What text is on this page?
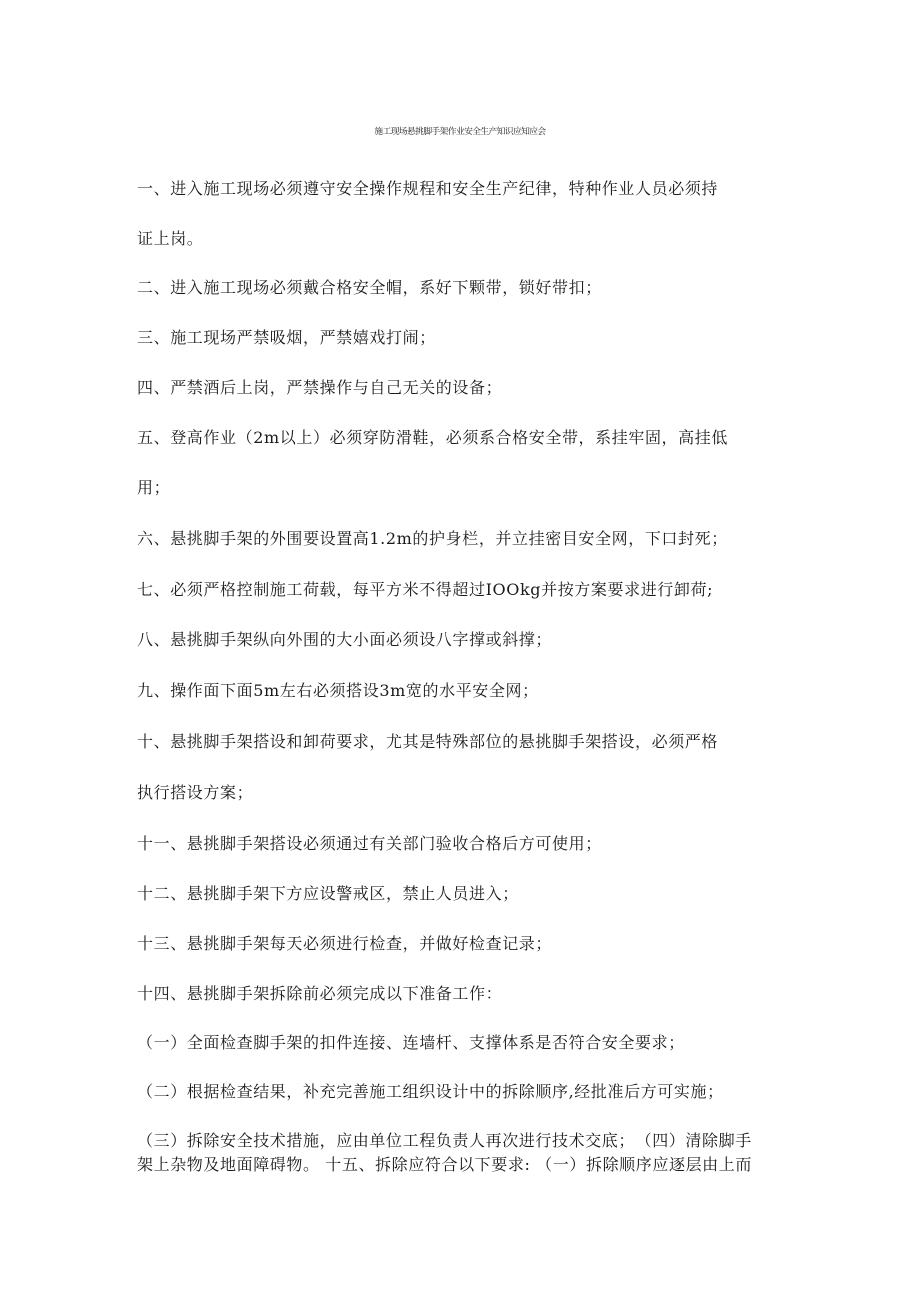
施工现场悬挑脚手架作业安全生产知识应知应会
一、进入施工现场必须遵守安全操作规程和安全生产纪律，特种作业人员必须持
证上岗。
二、进入施工现场必须戴合格安全帽，系好下颗带，锁好带扣；
三、施工现场严禁吸烟，严禁嬉戏打闹；
四、严禁酒后上岗，严禁操作与自己无关的设备；
五、登高作业（2m以上）必须穿防滑鞋，必须系合格安全带，系挂牢固，高挂低
用；
六、悬挑脚手架的外围要设置高1.2m的护身栏，并立挂密目安全网，下口封死；
七、必须严格控制施工荷载，每平方米不得超过IOOkg并按方案要求进行卸荷;
八、悬挑脚手架纵向外围的大小面必须设八字撑或斜撑；
九、操作面下面5m左右必须搭设3m宽的水平安全网；
十、悬挑脚手架搭设和卸荷要求，尤其是特殊部位的悬挑脚手架搭设，必须严格
执行搭设方案；
十一、悬挑脚手架搭设必须通过有关部门验收合格后方可使用；
十二、悬挑脚手架下方应设警戒区，禁止人员进入；
十三、悬挑脚手架每天必须进行检查，并做好检查记录；
十四、悬挑脚手架拆除前必须完成以下准备工作：
（一）全面检查脚手架的扣件连接、连墙杆、支撑体系是否符合安全要求；
（二）根据检查结果，补充完善施工组织设计中的拆除顺序,经批准后方可实施；
（三）拆除安全技术措施，应由单位工程负责人再次进行技术交底；　（四）清除脚手
架上杂物及地面障碍物。 十五、拆除应符合以下要求: （一）拆除顺序应逐层由上而
